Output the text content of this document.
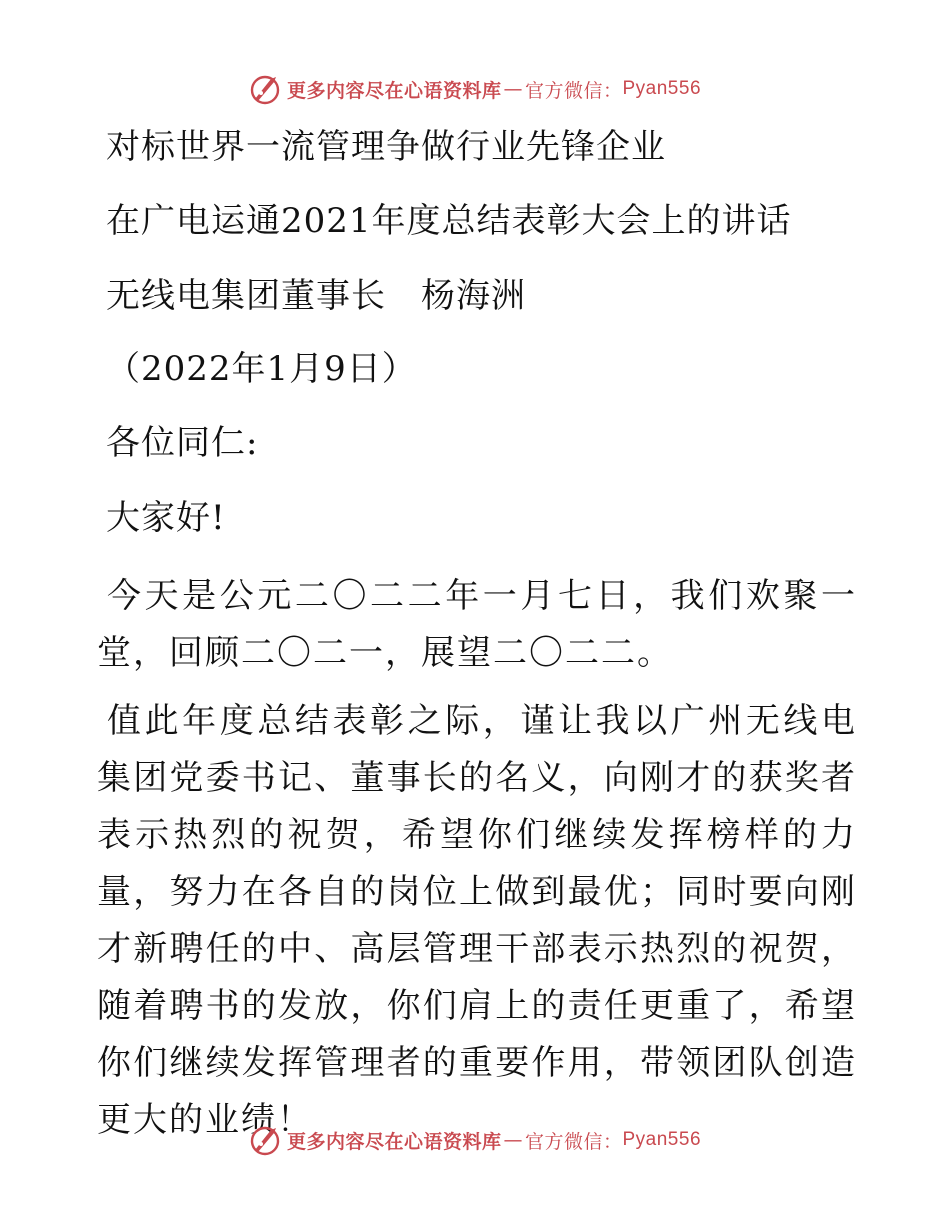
更多内容尽在心语资料库 — 官方微信： Pyan556
对标世界一流管理争做行业先锋企业
在广电运通2021年度总结表彰大会上的讲话
无线电集团董事长　杨海洲
（2022年1月9日）
各位同仁:
大家好!
今天是公元二〇二二年一月七日，我们欢聚一堂，回顾二〇二一，展望二〇二二。
值此年度总结表彰之际，谨让我以广州无线电集团党委书记、董事长的名义，向刚才的获奖者表示热烈的祝贺，希望你们继续发挥榜样的力量，努力在各自的岗位上做到最优；同时要向刚才新聘任的中、高层管理干部表示热烈的祝贺，随着聘书的发放，你们肩上的责任更重了，希望你们继续发挥管理者的重要作用，带领团队创造更大的业绩！
更多内容尽在心语资料库 — 官方微信： Pyan556
